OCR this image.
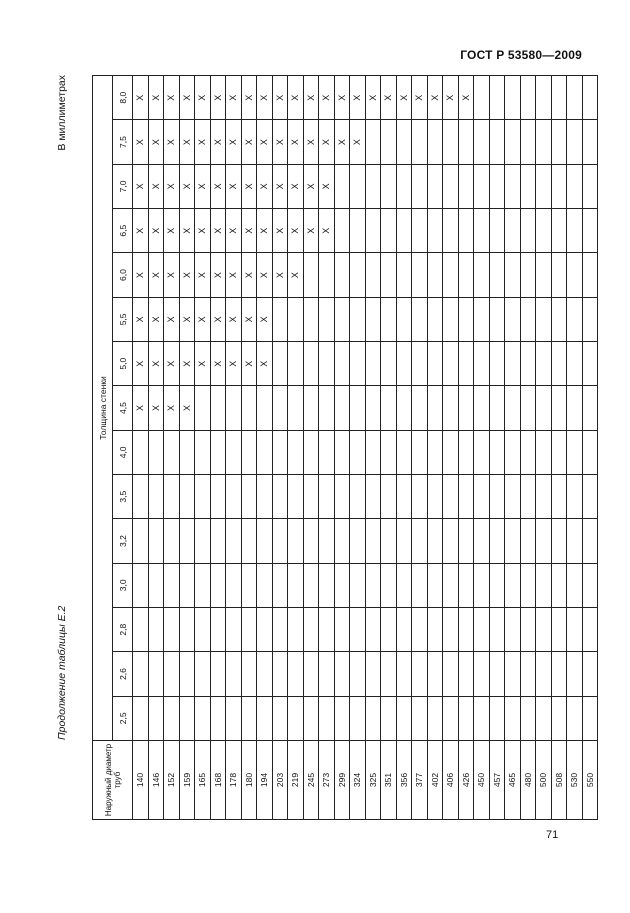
ГОСТ Р 53580—2009
Продолжение таблицы Е.2
В миллиметрах
Наружный диаметр труб	Толщина стенки														
	2,5	2,6	2,8	3,0	3,2	3,5	4,0	4,5	5,0	5,5	6,0	6,5	7,0	7,5	8,0
140								X	X	X	X	X	X	X	X
146								X	X	X	X	X	X	X	X
152								X	X	X	X	X	X	X	X
159								X	X	X	X	X	X	X	X
165									X	X	X	X	X	X	X
168									X	X	X	X	X	X	X
178									X	X	X	X	X	X	X
180									X	X	X	X	X	X	X
194									X	X	X	X	X	X	X
203											X	X	X	X	X
219											X	X	X	X	X
245												X	X	X	X
273												X	X	X	X
299														X	X
324														X	X
325															X
351															X
356															X
377															X
402															X
406															X
426															X
450															
457															
465															
480															
500															
508															
530															
550															
71
